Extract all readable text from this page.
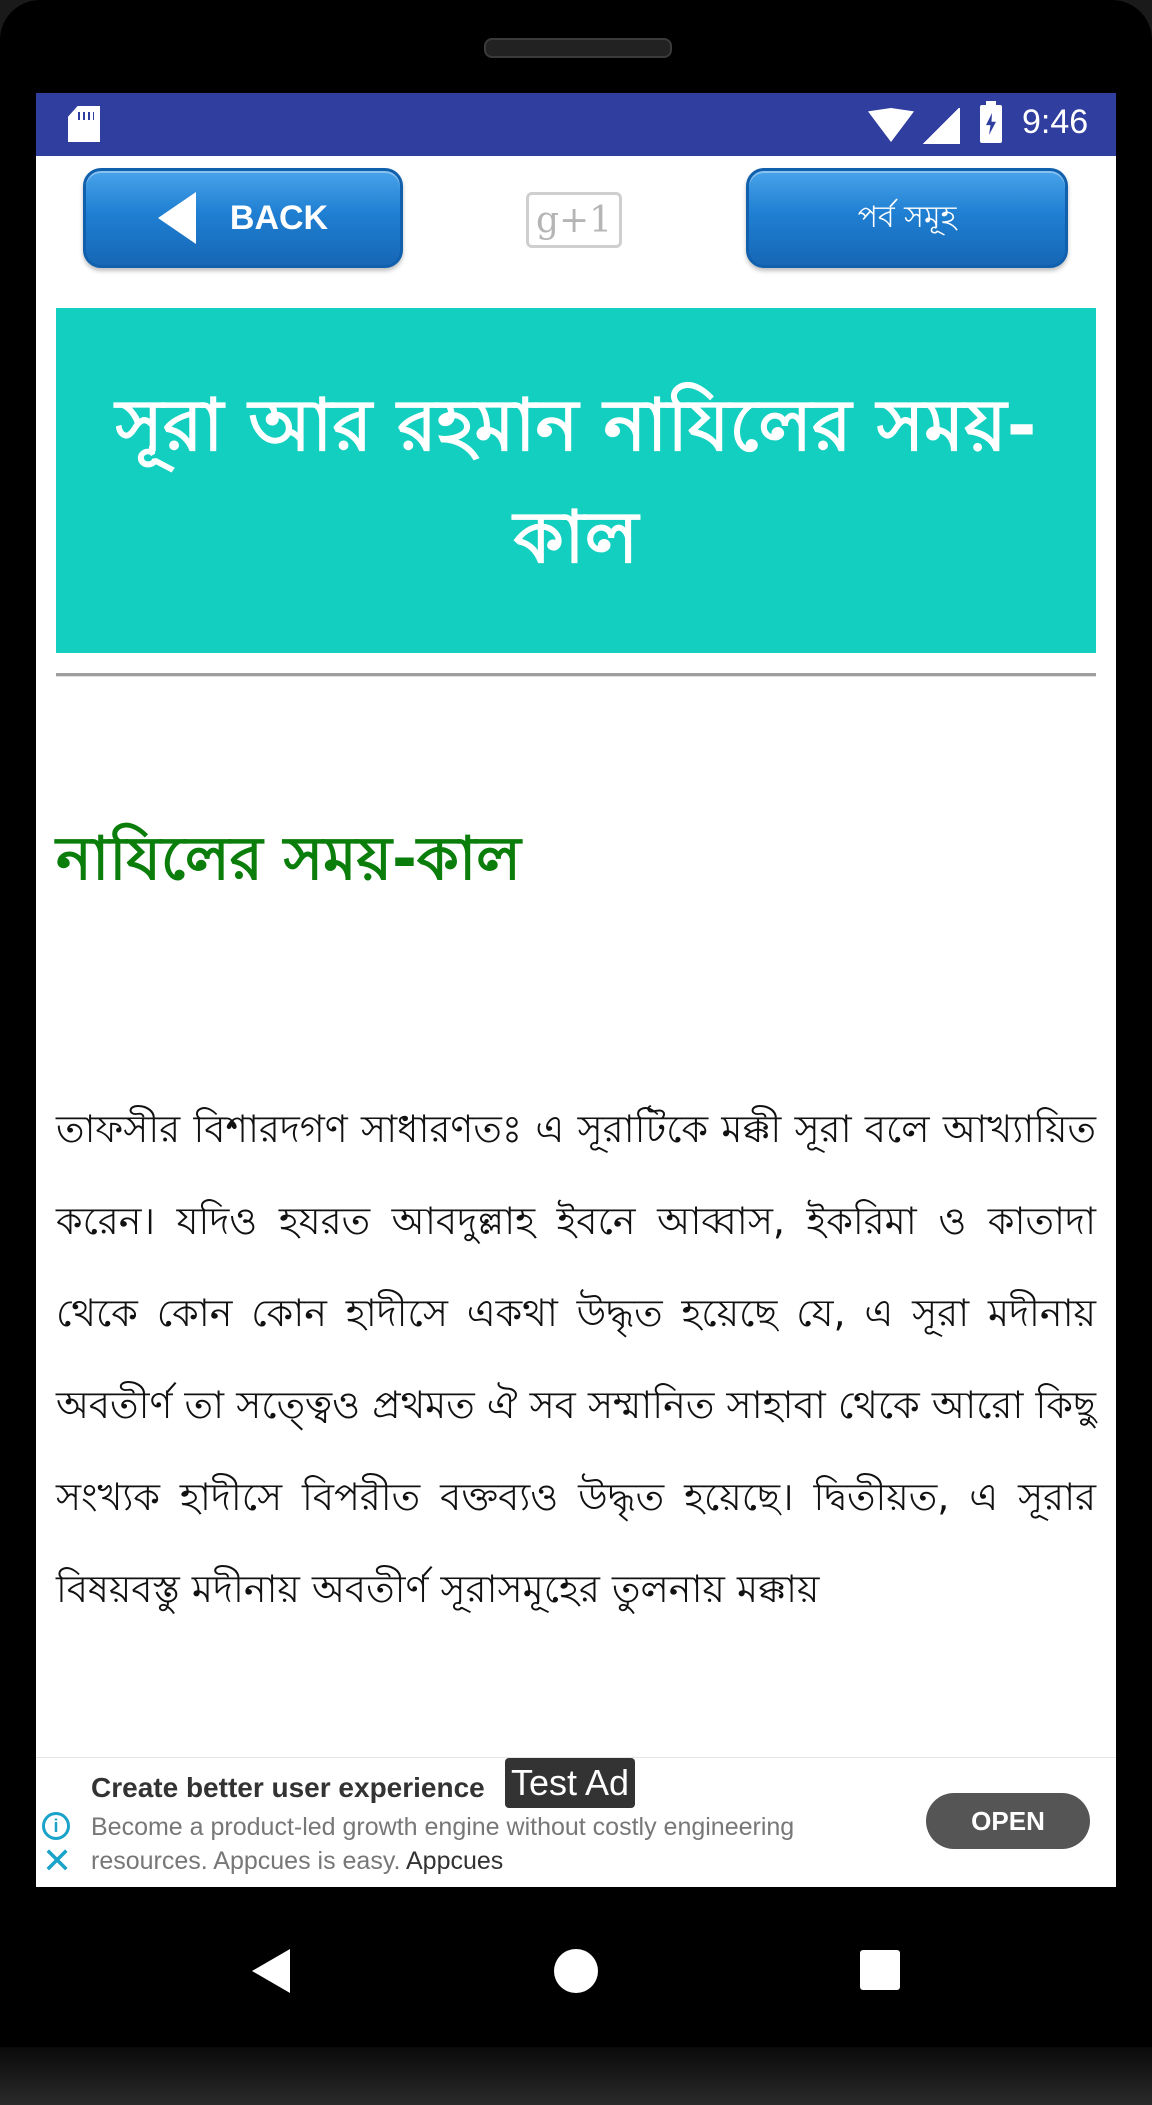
9:46
BACK	g+1	পর্ব সমূহ
সূরা আর রহমান নাযিলের সময়-কাল
নাযিলের সময়-কাল
তাফসীর বিশারদগণ সাধারণতঃ এ সূরাটিকে মক্কী সূরা বলে আখ্যায়িত করেন। যদিও হযরত আবদুল্লাহ ইবনে আব্বাস, ইকরিমা ও কাতাদা থেকে কোন কোন হাদীসে একথা উদ্ধৃত হয়েছে যে, এ সূরা মদীনায় অবতীর্ণ তা সত্ত্বেও প্রথমত ঐ সব সম্মানিত সাহাবা থেকে আরো কিছু সংখ্যক হাদীসে বিপরীত বক্তব্যও উদ্ধৃত হয়েছে। দ্বিতীয়ত, এ সূরার বিষয়বস্তু মদীনায় অবতীর্ণ সূরাসমূহের তুলনায় মক্কায়
i
✕
Create better user experience Test Ad
Become a product-led growth engine without costly engineering resources. Appcues is easy. Appcues
OPEN
